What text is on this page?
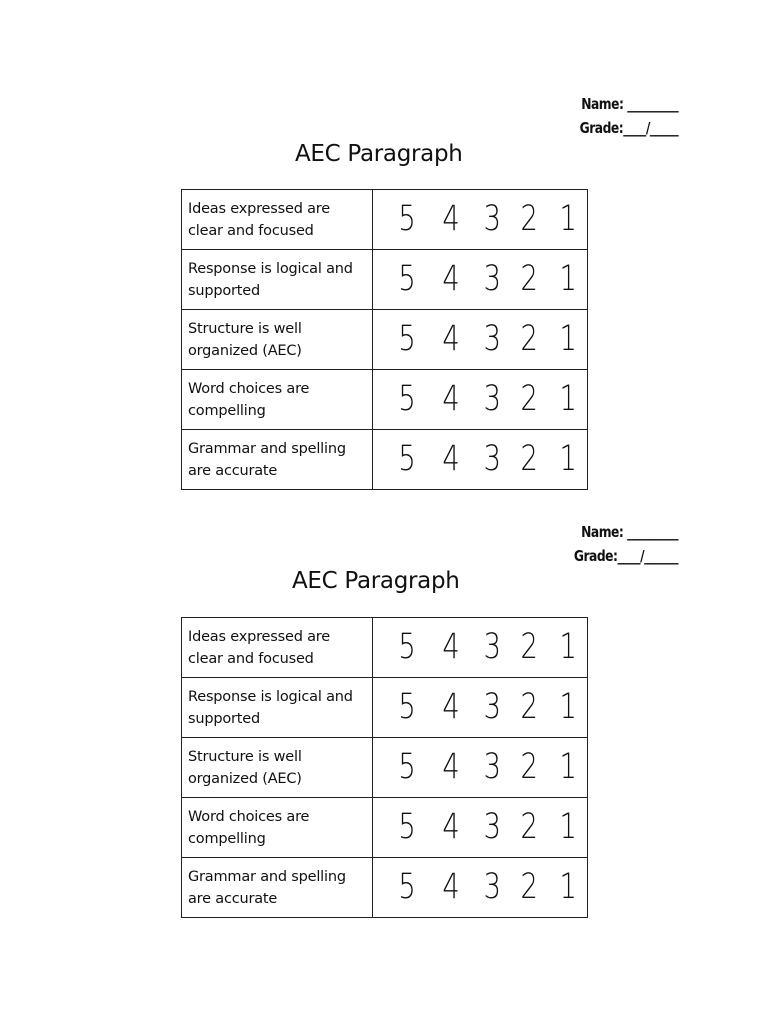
Name: _________
Grade:____/_____
AEC Paragraph
Ideas expressed are
clear and focused	5 4 3 2 1

Response is logical and
supported	5 4 3 2 1

Structure is well
organized (AEC)	5 4 3 2 1

Word choices are
compelling	5 4 3 2 1

Grammar and spelling
are accurate	5 4 3 2 1
Name: _________
Grade:____/______
AEC Paragraph
Ideas expressed are
clear and focused	5 4 3 2 1

Response is logical and
supported	5 4 3 2 1

Structure is well
organized (AEC)	5 4 3 2 1

Word choices are
compelling	5 4 3 2 1

Grammar and spelling
are accurate	5 4 3 2 1
